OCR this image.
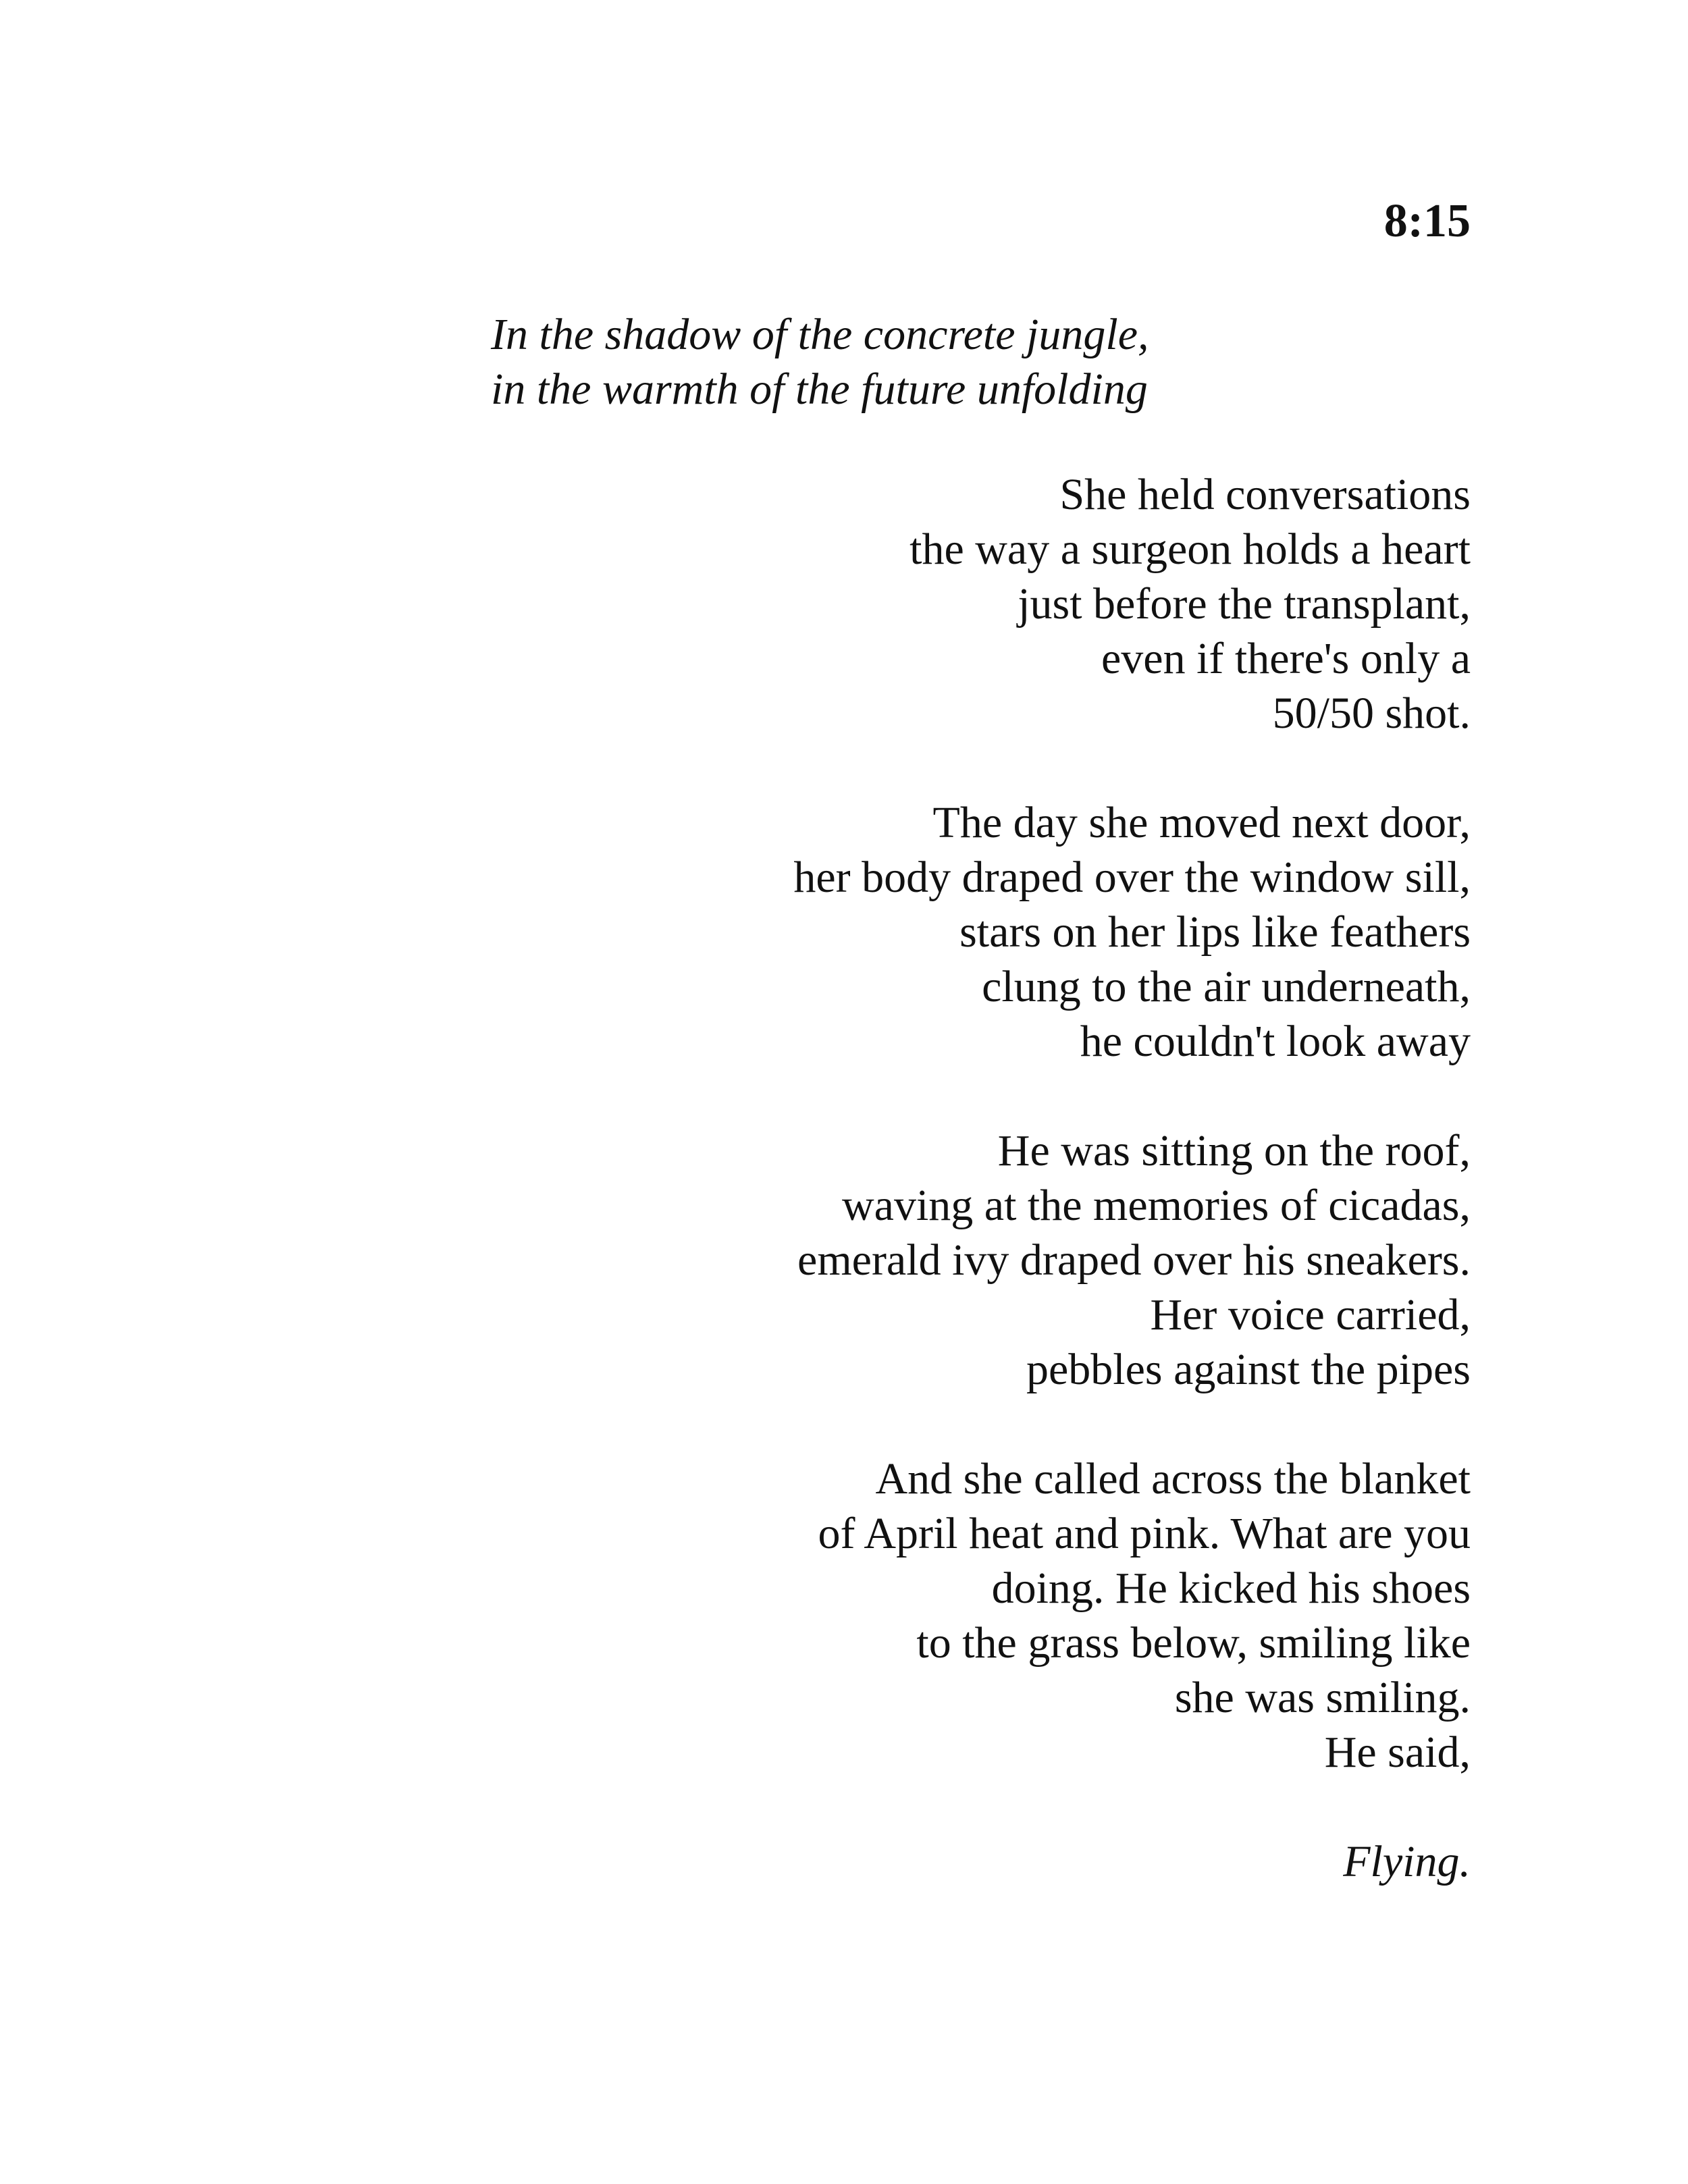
8:15
In the shadow of the concrete jungle,
in the warmth of the future unfolding
She held conversations
the way a surgeon holds a heart
just before the transplant,
even if there's only a
50/50 shot.
The day she moved next door,
her body draped over the window sill,
stars on her lips like feathers
clung to the air underneath,
he couldn't look away
He was sitting on the roof,
waving at the memories of cicadas,
emerald ivy draped over his sneakers.
Her voice carried,
pebbles against the pipes
And she called across the blanket
of April heat and pink. What are you
doing. He kicked his shoes
to the grass below, smiling like
she was smiling.
He said,

Flying.
